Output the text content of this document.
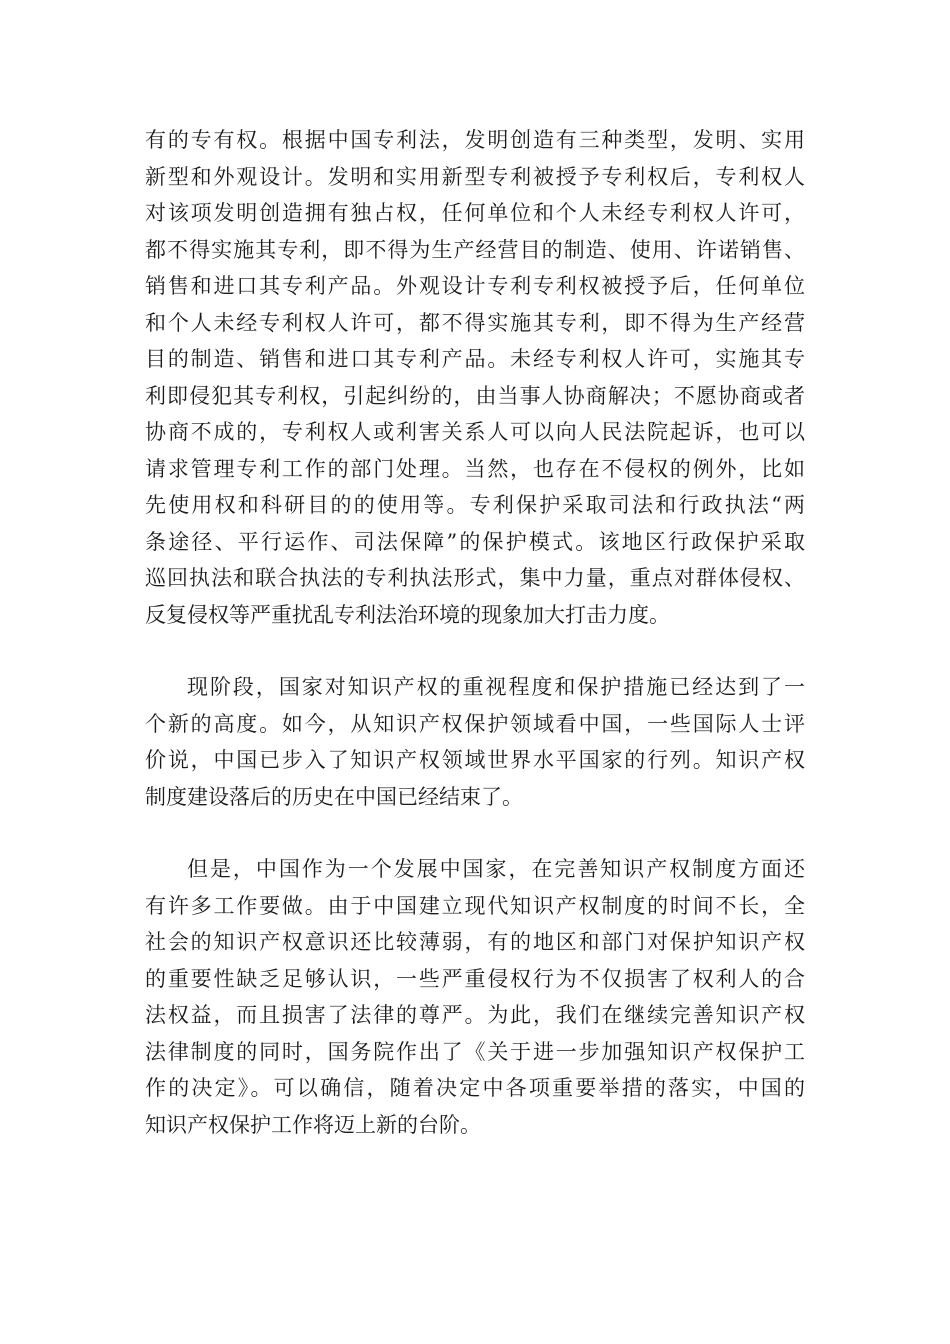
有的专有权。根据中国专利法，发明创造有三种类型，发明、实用
新型和外观设计。发明和实用新型专利被授予专利权后，专利权人
对该项发明创造拥有独占权，任何单位和个人未经专利权人许可，
都不得实施其专利，即不得为生产经营目的制造、使用、许诺销售、
销售和进口其专利产品。外观设计专利专利权被授予后，任何单位
和个人未经专利权人许可，都不得实施其专利，即不得为生产经营
目的制造、销售和进口其专利产品。未经专利权人许可，实施其专
利即侵犯其专利权，引起纠纷的，由当事人协商解决；不愿协商或者
协商不成的，专利权人或利害关系人可以向人民法院起诉，也可以
请求管理专利工作的部门处理。当然，也存在不侵权的例外，比如
先使用权和科研目的的使用等。专利保护采取司法和行政执法“两
条途径、平行运作、司法保障”的保护模式。该地区行政保护采取
巡回执法和联合执法的专利执法形式，集中力量，重点对群体侵权、
反复侵权等严重扰乱专利法治环境的现象加大打击力度。
现阶段，国家对知识产权的重视程度和保护措施已经达到了一
个新的高度。如今，从知识产权保护领域看中国，一些国际人士评
价说，中国已步入了知识产权领域世界水平国家的行列。知识产权
制度建设落后的历史在中国已经结束了。
但是，中国作为一个发展中国家，在完善知识产权制度方面还
有许多工作要做。由于中国建立现代知识产权制度的时间不长，全
社会的知识产权意识还比较薄弱，有的地区和部门对保护知识产权
的重要性缺乏足够认识，一些严重侵权行为不仅损害了权利人的合
法权益，而且损害了法律的尊严。为此，我们在继续完善知识产权
法律制度的同时，国务院作出了《关于进一步加强知识产权保护工
作的决定》。可以确信，随着决定中各项重要举措的落实，中国的
知识产权保护工作将迈上新的台阶。
